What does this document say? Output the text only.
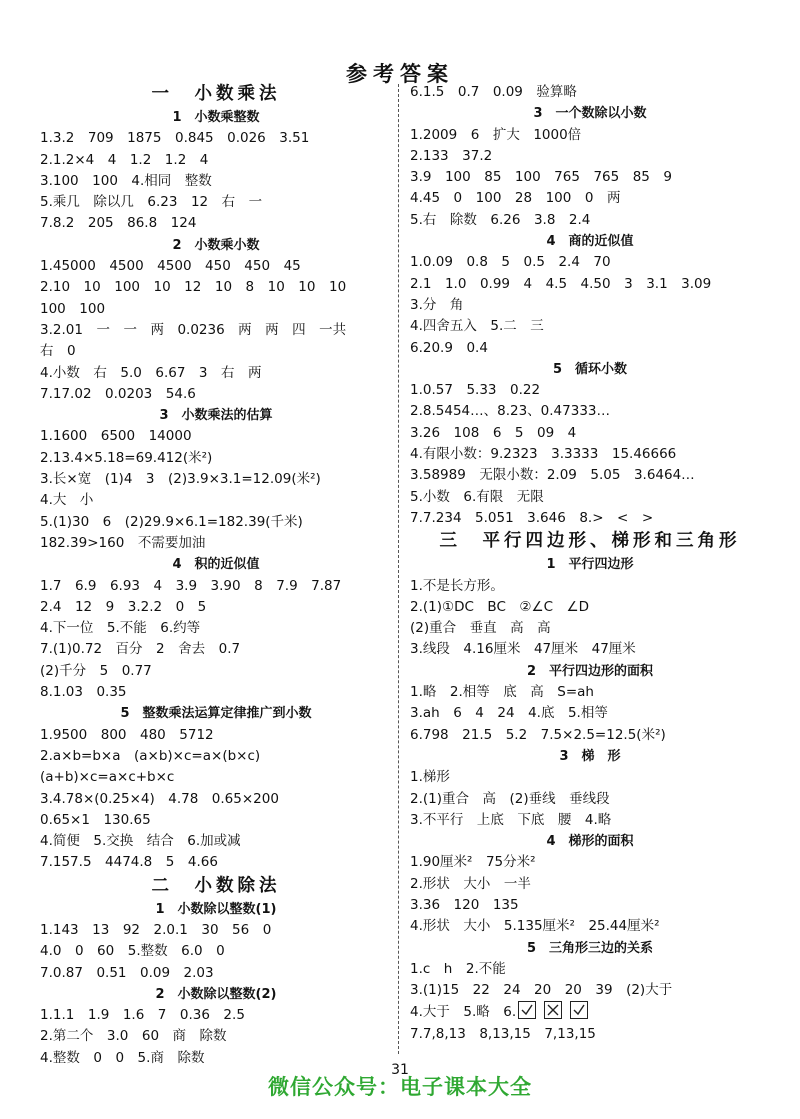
参考答案
一　小数乘法
1　小数乘整数
1.3.2　709　1875　0.845　0.026　3.51
2.1.2×4　4　1.2　1.2　4
3.100　100　4.相同　整数
5.乘几　除以几　6.23　12　右　一
7.8.2　205　86.8　124
2　小数乘小数
1.45000　4500　4500　450　450　45
2.10　10　100　10　12　10　8　10　10　10
100　100
3.2.01　一　一　两　0.0236　两　两　四　一共
右　0
4.小数　右　5.0　6.67　3　右　两
7.17.02　0.0203　54.6
3　小数乘法的估算
1.1600　6500　14000
2.13.4×5.18=69.412(米²)
3.长×宽　(1)4　3　(2)3.9×3.1=12.09(米²)
4.大　小
5.(1)30　6　(2)29.9×6.1=182.39(千米)
182.39>160　不需要加油
4　积的近似值
1.7　6.9　6.93　4　3.9　3.90　8　7.9　7.87
2.4　12　9　3.2.2　0　5
4.下一位　5.不能　6.约等
7.(1)0.72　百分　2　舍去　0.7
(2)千分　5　0.77
8.1.03　0.35
5　整数乘法运算定律推广到小数
1.9500　800　480　5712
2.a×b=b×a　(a×b)×c=a×(b×c)
(a+b)×c=a×c+b×c
3.4.78×(0.25×4)　4.78　0.65×200
0.65×1　130.65
4.简便　5.交换　结合　6.加或减
7.157.5　4474.8　5　4.66
二　小数除法
1　小数除以整数(1)
1.143　13　92　2.0.1　30　56　0
4.0　0　60　5.整数　6.0　0
7.0.87　0.51　0.09　2.03
2　小数除以整数(2)
1.1.1　1.9　1.6　7　0.36　2.5
2.第二个　3.0　60　商　除数
4.整数　0　0　5.商　除数
6.1.5　0.7　0.09　验算略
3　一个数除以小数
1.2009　6　扩大　1000倍
2.133　37.2
3.9　100　85　100　765　765　85　9
4.45　0　100　28　100　0　两
5.右　除数　6.26　3.8　2.4
4　商的近似值
1.0.09　0.8　5　0.5　2.4　70
2.1　1.0　0.99　4　4.5　4.50　3　3.1　3.09
3.分　角
4.四舍五入　5.二　三
6.20.9　0.4
5　循环小数
1.0.57　5.33　0.22
2.8.5454…、8.23、0.47333…
3.26　108　6　5　09　4
4.有限小数：9.2323　3.3333　15.46666
3.58989　无限小数：2.09　5.05　3.6464…
5.小数　6.有限　无限
7.7.234　5.051　3.646　8.>　<　>
三　平行四边形、梯形和三角形
1　平行四边形
1.不是长方形。
2.(1)①DC　BC　②∠C　∠D
(2)重合　垂直　高　高
3.线段　4.16厘米　47厘米　47厘米
2　平行四边形的面积
1.略　2.相等　底　高　S=ah
3.ah　6　4　24　4.底　5.相等
6.798　21.5　5.2　7.5×2.5=12.5(米²)
3　梯　形
1.梯形
2.(1)重合　高　(2)垂线　垂线段
3.不平行　上底　下底　腰　4.略
4　梯形的面积
1.90厘米²　75分米²
2.形状　大小　一半
3.36　120　135
4.形状　大小　5.135厘米²　25.44厘米²
5　三角形三边的关系
1.c　h　2.不能
3.(1)15　22　24　20　20　39　(2)大于
4.大于　5.略　6.
7.7,8,13　8,13,15　7,13,15
31
微信公众号：电子课本大全
